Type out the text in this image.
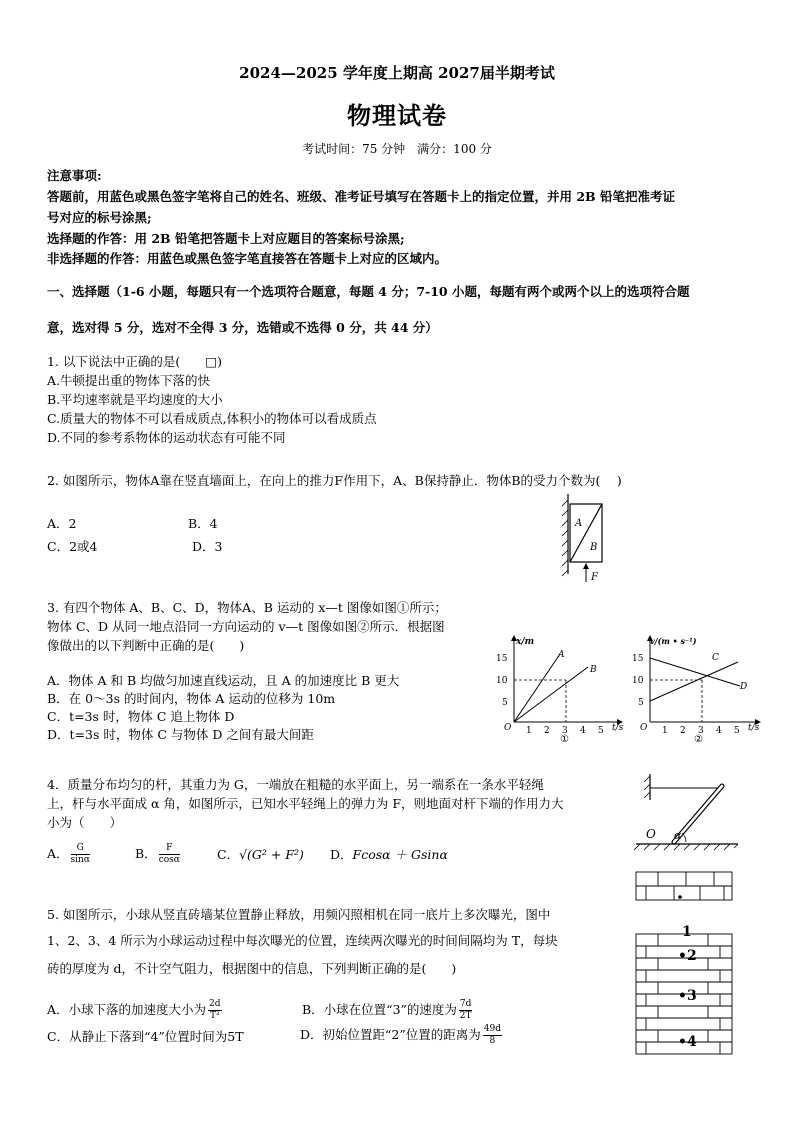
2024—2025 学年度上期高 2027届半期考试
物理试卷
考试时间：75 分钟　满分：100 分
注意事项:
答题前，用蓝色或黑色签字笔将自己的姓名、班级、准考证号填写在答题卡上的指定位置，并用 2B 铅笔把准考证
号对应的标号涂黑;
选择题的作答：用 2B 铅笔把答题卡上对应题目的答案标号涂黑;
非选择题的作答：用蓝色或黑色签字笔直接答在答题卡上对应的区域内。
一、选择题（1-6 小题，每题只有一个选项符合题意，每题 4 分；7-10 小题，每题有两个或两个以上的选项符合题
意，选对得 5 分，选对不全得 3 分，选错或不选得 0 分，共 44 分）
1. 以下说法中正确的是(　　□)
A.牛顿提出重的物体下落的快
B.平均速率就是平均速度的大小
C.质量大的物体不可以看成质点,体积小的物体可以看成质点
D.不同的参考系物体的运动状态有可能不同
2. 如图所示，物体A靠在竖直墙面上，在向上的推力F作用下，A、B保持静止．物体B的受力个数为(　 )
A．2	B．4
C．2或4	D．3
A
B
F
3. 有四个物体 A、B、C、D，物体A、B 运动的 x—t 图像如图①所示；
物体 C、D 从同一地点沿同一方向运动的 v—t 图像如图②所示．根据图
像做出的以下判断中正确的是(　　)
A．物体 A 和 B 均做匀加速直线运动，且 A 的加速度比 B 更大
B．在 0～3s 的时间内，物体 A 运动的位移为 10m
C．t=3s 时，物体 C 追上物体 D
D．t=3s 时，物体 C 与物体 D 之间有最大间距
x/m
t/s
O
15
10
5
1 2 3 4 5
A
B
①
v/(m • s⁻¹)
t/s
O
15
10
5
1 2 3 4 5
C
D
②
4．质量分布均匀的杆，其重力为 G，一端放在粗糙的水平面上，另一端系在一条水平轻绳
上，杆与水平面成 α 角，如图所示，已知水平轻绳上的弹力为 F，则地面对杆下端的作用力大
小为（　　）
A． $\frac{G}{\sin\alpha}$	B． $\frac{F}{\cos\alpha}$	C．√(G² + F²) D．Fcosα ＋ Gsinα
O α
5. 如图所示，小球从竖直砖墙某位置静止释放，用频闪照相机在同一底片上多次曝光，图中
1、2、3、4 所示为小球运动过程中每次曝光的位置，连续两次曝光的时间间隔均为 T，每块
砖的厚度为 d，不计空气阻力，根据图中的信息，下列判断正确的是(　　)
A．小球下落的加速度大小为 $\frac{2d}{\text{T²}}$	B．小球在位置“3”的速度为 $\frac{7d}{2T}$
C．从静止下落到“4”位置时间为5T	D．初始位置距“2”位置的距离为 $\frac{49d}{8}$
1
•2
•3
•4
